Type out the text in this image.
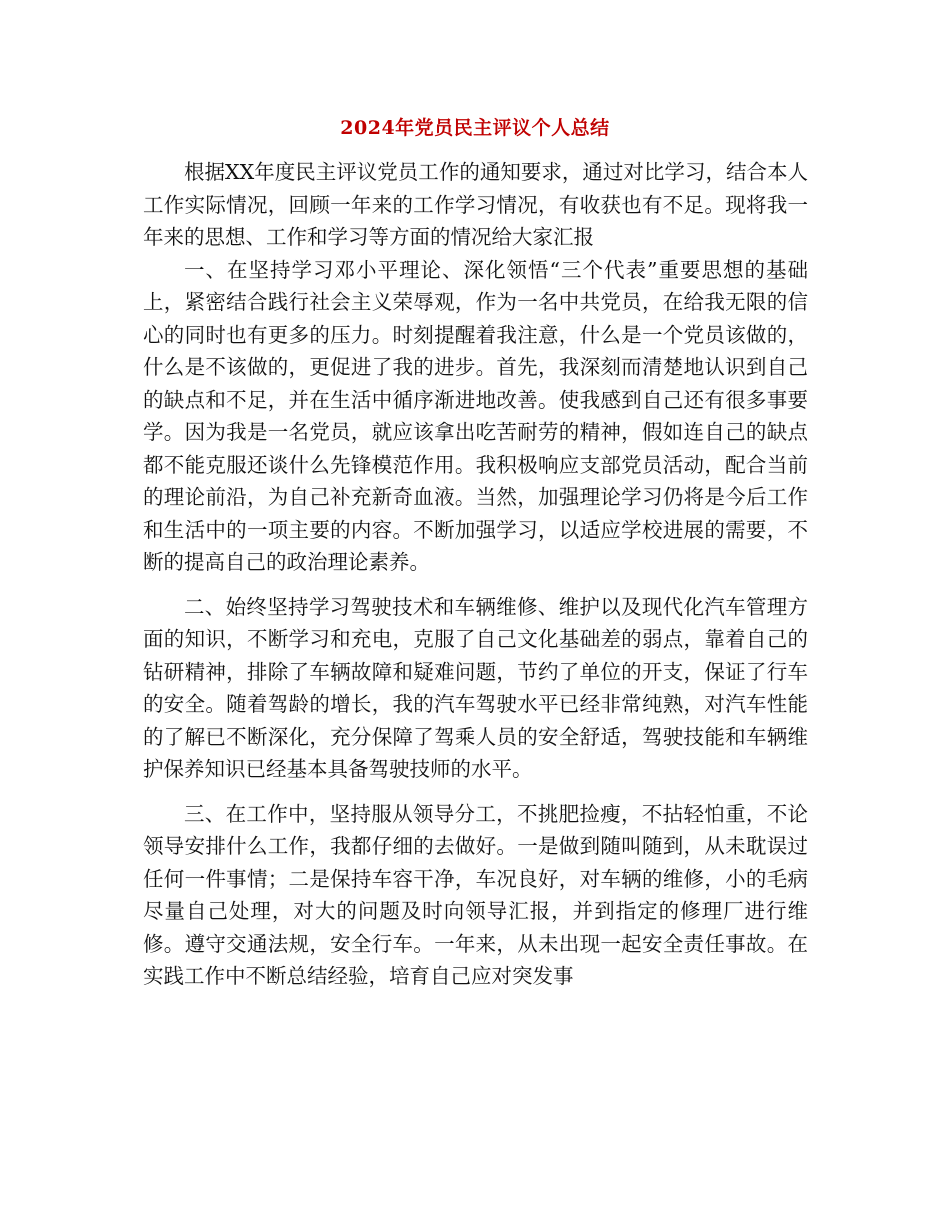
2024年党员民主评议个人总结

根据XX年度民主评议党员工作的通知要求，通过对比学习，结合本人工作实际情况，回顾一年来的工作学习情况，有收获也有不足。现将我一年来的思想、工作和学习等方面的情况给大家汇报

一、在坚持学习邓小平理论、深化领悟“三个代表”重要思想的基础上，紧密结合践行社会主义荣辱观，作为一名中共党员，在给我无限的信心的同时也有更多的压力。时刻提醒着我注意，什么是一个党员该做的，什么是不该做的，更促进了我的进步。首先，我深刻而清楚地认识到自己的缺点和不足，并在生活中循序渐进地改善。使我感到自己还有很多事要学。因为我是一名党员，就应该拿出吃苦耐劳的精神，假如连自己的缺点都不能克服还谈什么先锋模范作用。我积极响应支部党员活动，配合当前的理论前沿，为自己补充新奇血液。当然，加强理论学习仍将是今后工作和生活中的一项主要的内容。不断加强学习，以适应学校进展的需要，不断的提高自己的政治理论素养。

二、始终坚持学习驾驶技术和车辆维修、维护以及现代化汽车管理方面的知识，不断学习和充电，克服了自己文化基础差的弱点，靠着自己的钻研精神，排除了车辆故障和疑难问题，节约了单位的开支，保证了行车的安全。随着驾龄的增长，我的汽车驾驶水平已经非常纯熟，对汽车性能的了解已不断深化，充分保障了驾乘人员的安全舒适，驾驶技能和车辆维护保养知识已经基本具备驾驶技师的水平。

三、在工作中，坚持服从领导分工，不挑肥捡瘦，不拈轻怕重，不论领导安排什么工作，我都仔细的去做好。一是做到随叫随到，从未耽误过任何一件事情；二是保持车容干净，车况良好，对车辆的维修，小的毛病尽量自己处理，对大的问题及时向领导汇报，并到指定的修理厂进行维修。遵守交通法规，安全行车。一年来，从未出现一起安全责任事故。在实践工作中不断总结经验，培育自己应对突发事
